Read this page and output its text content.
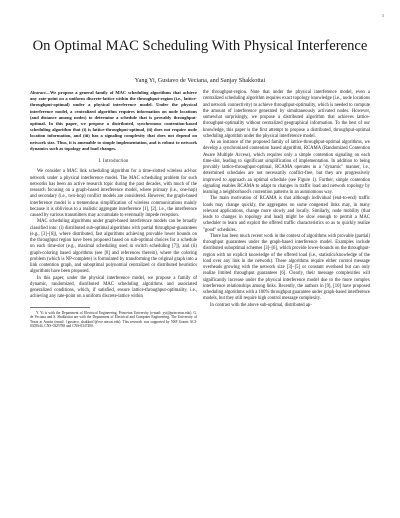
1
On Optimal MAC Scheduling With Physical Interference
Yang Yi, Gustavo de Veciana, and Sanjay Shakkottai

Abstract—We propose a general family of MAC scheduling algorithms that achieve any rate-point on a uniform discrete-lattice within the throughput-region (i.e., lattice-throughput-optimal) under a physical interference model. Under the physical interference model, a centralized algorithm requires information on node locations (and distance among nodes) to determine a schedule that is provably throughput-optimal. In this paper, we propose a distributed, synchronous contention-based scheduling algorithm that (i) is lattice-throughput-optimal, (ii) does not require node location information, and (iii) has a signaling complexity that does not depend on network size. Thus, it is amenable to simple implementation, and is robust to network dynamics such as topology and load changes.

I. Introduction

We consider a MAC link scheduling algorithm for a time-slotted wireless ad-hoc network under a physical interference model. The MAC scheduling problem for such networks has been an active research topic during the past decades, with much of the research focusing on a graph-based interference model, where primary (i.e., one-hop) and secondary (i.e., two-hop) conflict models are considered. However, the graph-based interference model is a tremendous simplification of wireless communications mainly because it is oblivious to a realistic aggregate interference [1], [2], i.e., the interference caused by various transmitters may accumulate to eventually impede reception.

MAC scheduling algorithms under graph-based interference models can be broadly classified into: (i) distributed sub-optimal algorithms with partial throughput-guarantees (e.g., [3]–[6]), where distributed, fast algorithms achieving provable lower bounds on the throughput region have been proposed based on sub-optimal choices for a schedule on each time-slot (e.g., maximal scheduling used in switch scheduling [7]), and (ii) graph-coloring based algorithms (see [8] and references therein), where the coloring problem (which is NP-complete) is formulated by transforming the original graph into a link contention graph, and suboptimal polynomial centralized or distributed heuristics algorithms have been proposed.

In this paper, under the physical interference model, we propose a family of dynamic, randomized, distributed MAC scheduling algorithms and associated generalized conditions, which, if satisfied, ensure lattice-throughput-optimality, i.e., achieving any rate-point on a uniform discrete-lattice within

Y. Yi is with the Department of Electrical Engineering, Princeton University (e-mail: yyi@princeton.edu). G. de Veciana and S. Shakkottai are with the Department of Electrical and Computer Engineering, The University of Texas at Austin (email: {gustavo, shakkott}@ece.utexas.edu). This research was supported by NSF Grants ACI-0305644, CNS-0325788 and CNS-0347400.

the throughput-region. Note that under the physical interference model, even a centralized scheduling algorithm requires exact topology knowledge (i.e., node locations and network connectivity) to achieve throughput-optimality, which is needed to compute the amount of interference generated by simultaneously activated nodes. However, somewhat surprisingly, we propose a distributed algorithm that achieves lattice-throughput-optimality without centralized geographical information. To the best of our knowledge, this paper is the first attempt to propose a distributed, throughput-optimal scheduling algorithm under the physical interference model.

As an instance of the proposed family of lattice-throughput-optimal algorithms, we develop a synchronized contention based algorithm, RCAMA (Randomized Contention Aware Multiple Access), which requires only a simple contention signaling on each time-slot, leading to significant simplification of implementation. In addition to being provably lattice-throughput-optimal, RCAMA operates in a "dynamic" manner, i.e., determined schedules are not necessarily conflict-free, but they are progressively improved to approach an optimal schedule (see Figure 1). Further, simple contention signaling enables RCAMA to adapt to changes in traffic load and network topology by learning a neighborhood's contention patterns in an autonomous way.

The main motivation of RCAMA is that although individual (end-to-end) traffic loads may change quickly, the aggregates on some congested links may, in many relevant applications, change more slowly and locally. Similarly, node mobility (that leads to changes in topology and load) might be slow enough to permit a MAC scheduler to learn and exploit the offered traffic characteristics so as to quickly realize "good" schedules.

There has been much recent work in the context of algorithms with provable (partial) throughput guarantees under the graph-based interference model. Examples include distributed suboptimal schemes [3]–[6], which provide lower-bounds on the throughput-region with no explicit knowledge of the offered load (i.e., statistics/knowledge of the load over any link in the network). These algorithms require either control message overheads growing with the network size [3]–[5] or constant overhead but can only realize limited throughput guarantees [6]. Clearly, their message complexities will significantly increase under the physical interference model due to the more complex interference relationships among links. Recently, the authors in [9], [10] have proposed scheduling algorithms with a 100% throughput guarantee under graph-based interference models, but they still require high control message complexity.

In contrast with the above sub-optimal, distributed ap-
